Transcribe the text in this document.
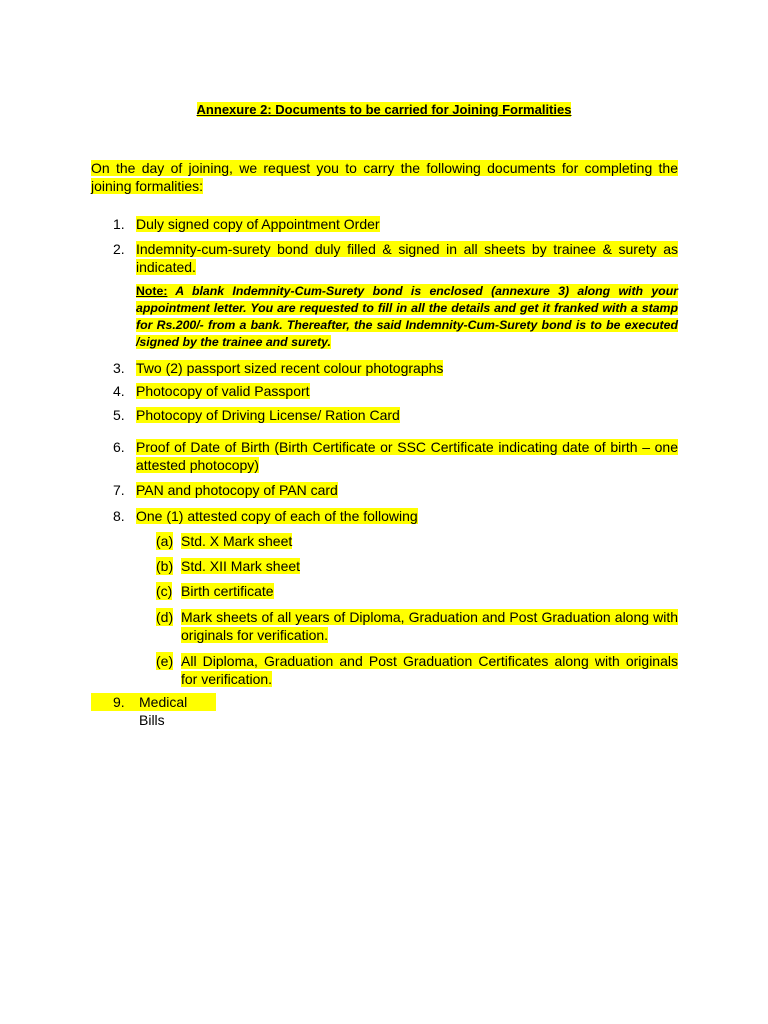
Annexure 2: Documents to be carried for Joining Formalities
On the day of joining, we request you to carry the following documents for completing the joining formalities:
1. Duly signed copy of Appointment Order
2. Indemnity-cum-surety bond duly filled & signed in all sheets by trainee & surety as indicated.
Note: A blank Indemnity-Cum-Surety bond is enclosed (annexure 3) along with your appointment letter. You are requested to fill in all the details and get it franked with a stamp for Rs.200/- from a bank. Thereafter, the said Indemnity-Cum-Surety bond is to be executed /signed by the trainee and surety.
3. Two (2) passport sized recent colour photographs
4. Photocopy of valid Passport
5. Photocopy of Driving License/ Ration Card
6. Proof of Date of Birth (Birth Certificate or SSC Certificate indicating date of birth – one attested photocopy)
7. PAN and photocopy of PAN card
8. One (1) attested copy of each of the following
(a) Std. X Mark sheet
(b) Std. XII Mark sheet
(c) Birth certificate
(d) Mark sheets of all years of Diploma, Graduation and Post Graduation along with originals for verification.
(e) All Diploma, Graduation and Post Graduation Certificates along with originals for verification.
9. Medical Bills
